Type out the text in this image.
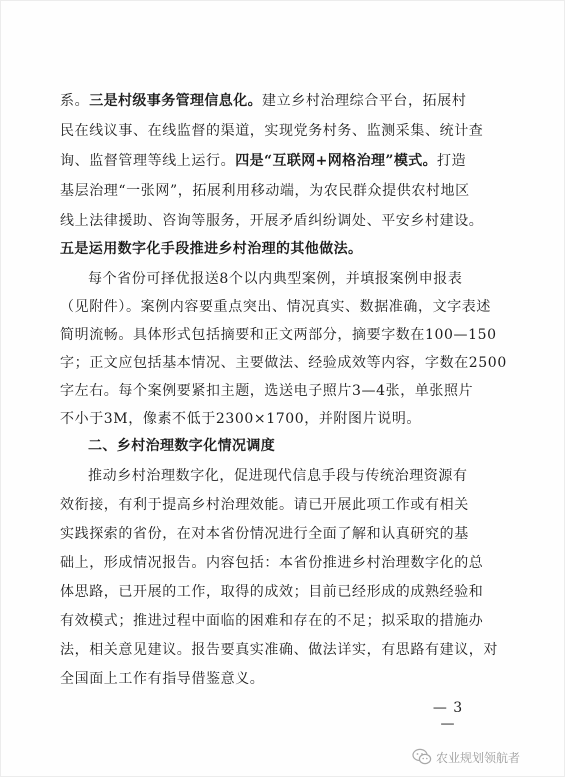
系。三是村级事务管理信息化。建立乡村治理综合平台，拓展村
民在线议事、在线监督的渠道，实现党务村务、监测采集、统计查
询、监督管理等线上运行。四是“互联网+网格治理”模式。打造
基层治理“一张网”，拓展利用移动端，为农民群众提供农村地区
线上法律援助、咨询等服务，开展矛盾纠纷调处、平安乡村建设。
五是运用数字化手段推进乡村治理的其他做法。
每个省份可择优报送8个以内典型案例，并填报案例申报表
（见附件）。案例内容要重点突出、情况真实、数据准确，文字表述
简明流畅。具体形式包括摘要和正文两部分，摘要字数在100—150
字；正文应包括基本情况、主要做法、经验成效等内容，字数在2500
字左右。每个案例要紧扣主题，选送电子照片3—4张，单张照片
不小于3M，像素不低于2300×1700，并附图片说明。
二、乡村治理数字化情况调度
推动乡村治理数字化，促进现代信息手段与传统治理资源有
效衔接，有利于提高乡村治理效能。请已开展此项工作或有相关
实践探索的省份，在对本省份情况进行全面了解和认真研究的基
础上，形成情况报告。内容包括：本省份推进乡村治理数字化的总
体思路，已开展的工作，取得的成效；目前已经形成的成熟经验和
有效模式；推进过程中面临的困难和存在的不足；拟采取的措施办
法，相关意见建议。报告要真实准确、做法详实，有思路有建议，对
全国面上工作有指导借鉴意义。
— 3 —
农业规划领航者
